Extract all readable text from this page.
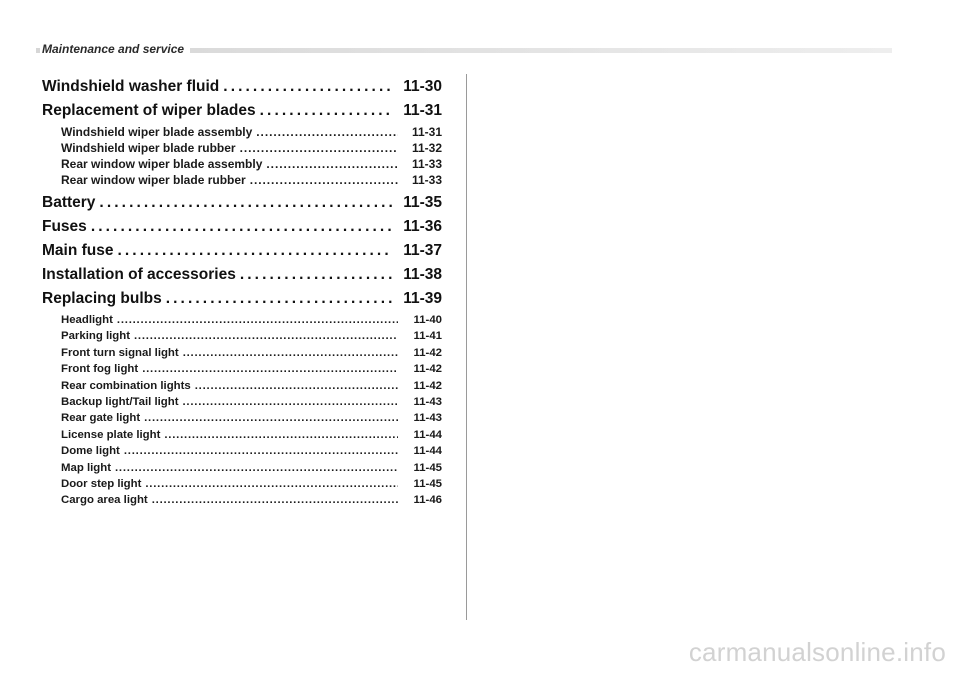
Maintenance and service
Windshield washer fluid . . .	11-30
Replacement of wiper blades . . .	11-31
Windshield wiper blade assembly . . .	11-31
Windshield wiper blade rubber . . .	11-32
Rear window wiper blade assembly . . .	11-33
Rear window wiper blade rubber . . .	11-33
Battery . . .	11-35
Fuses . . .	11-36
Main fuse . . .	11-37
Installation of accessories . . .	11-38
Replacing bulbs . . .	11-39
Headlight . . .	11-40
Parking light . . .	11-41
Front turn signal light . . .	11-42
Front fog light . . .	11-42
Rear combination lights . . .	11-42
Backup light/Tail light . . .	11-43
Rear gate light . . .	11-43
License plate light . . .	11-44
Dome light . . .	11-44
Map light . . .	11-45
Door step light . . .	11-45
Cargo area light . . .	11-46
carmanualsonline.info
